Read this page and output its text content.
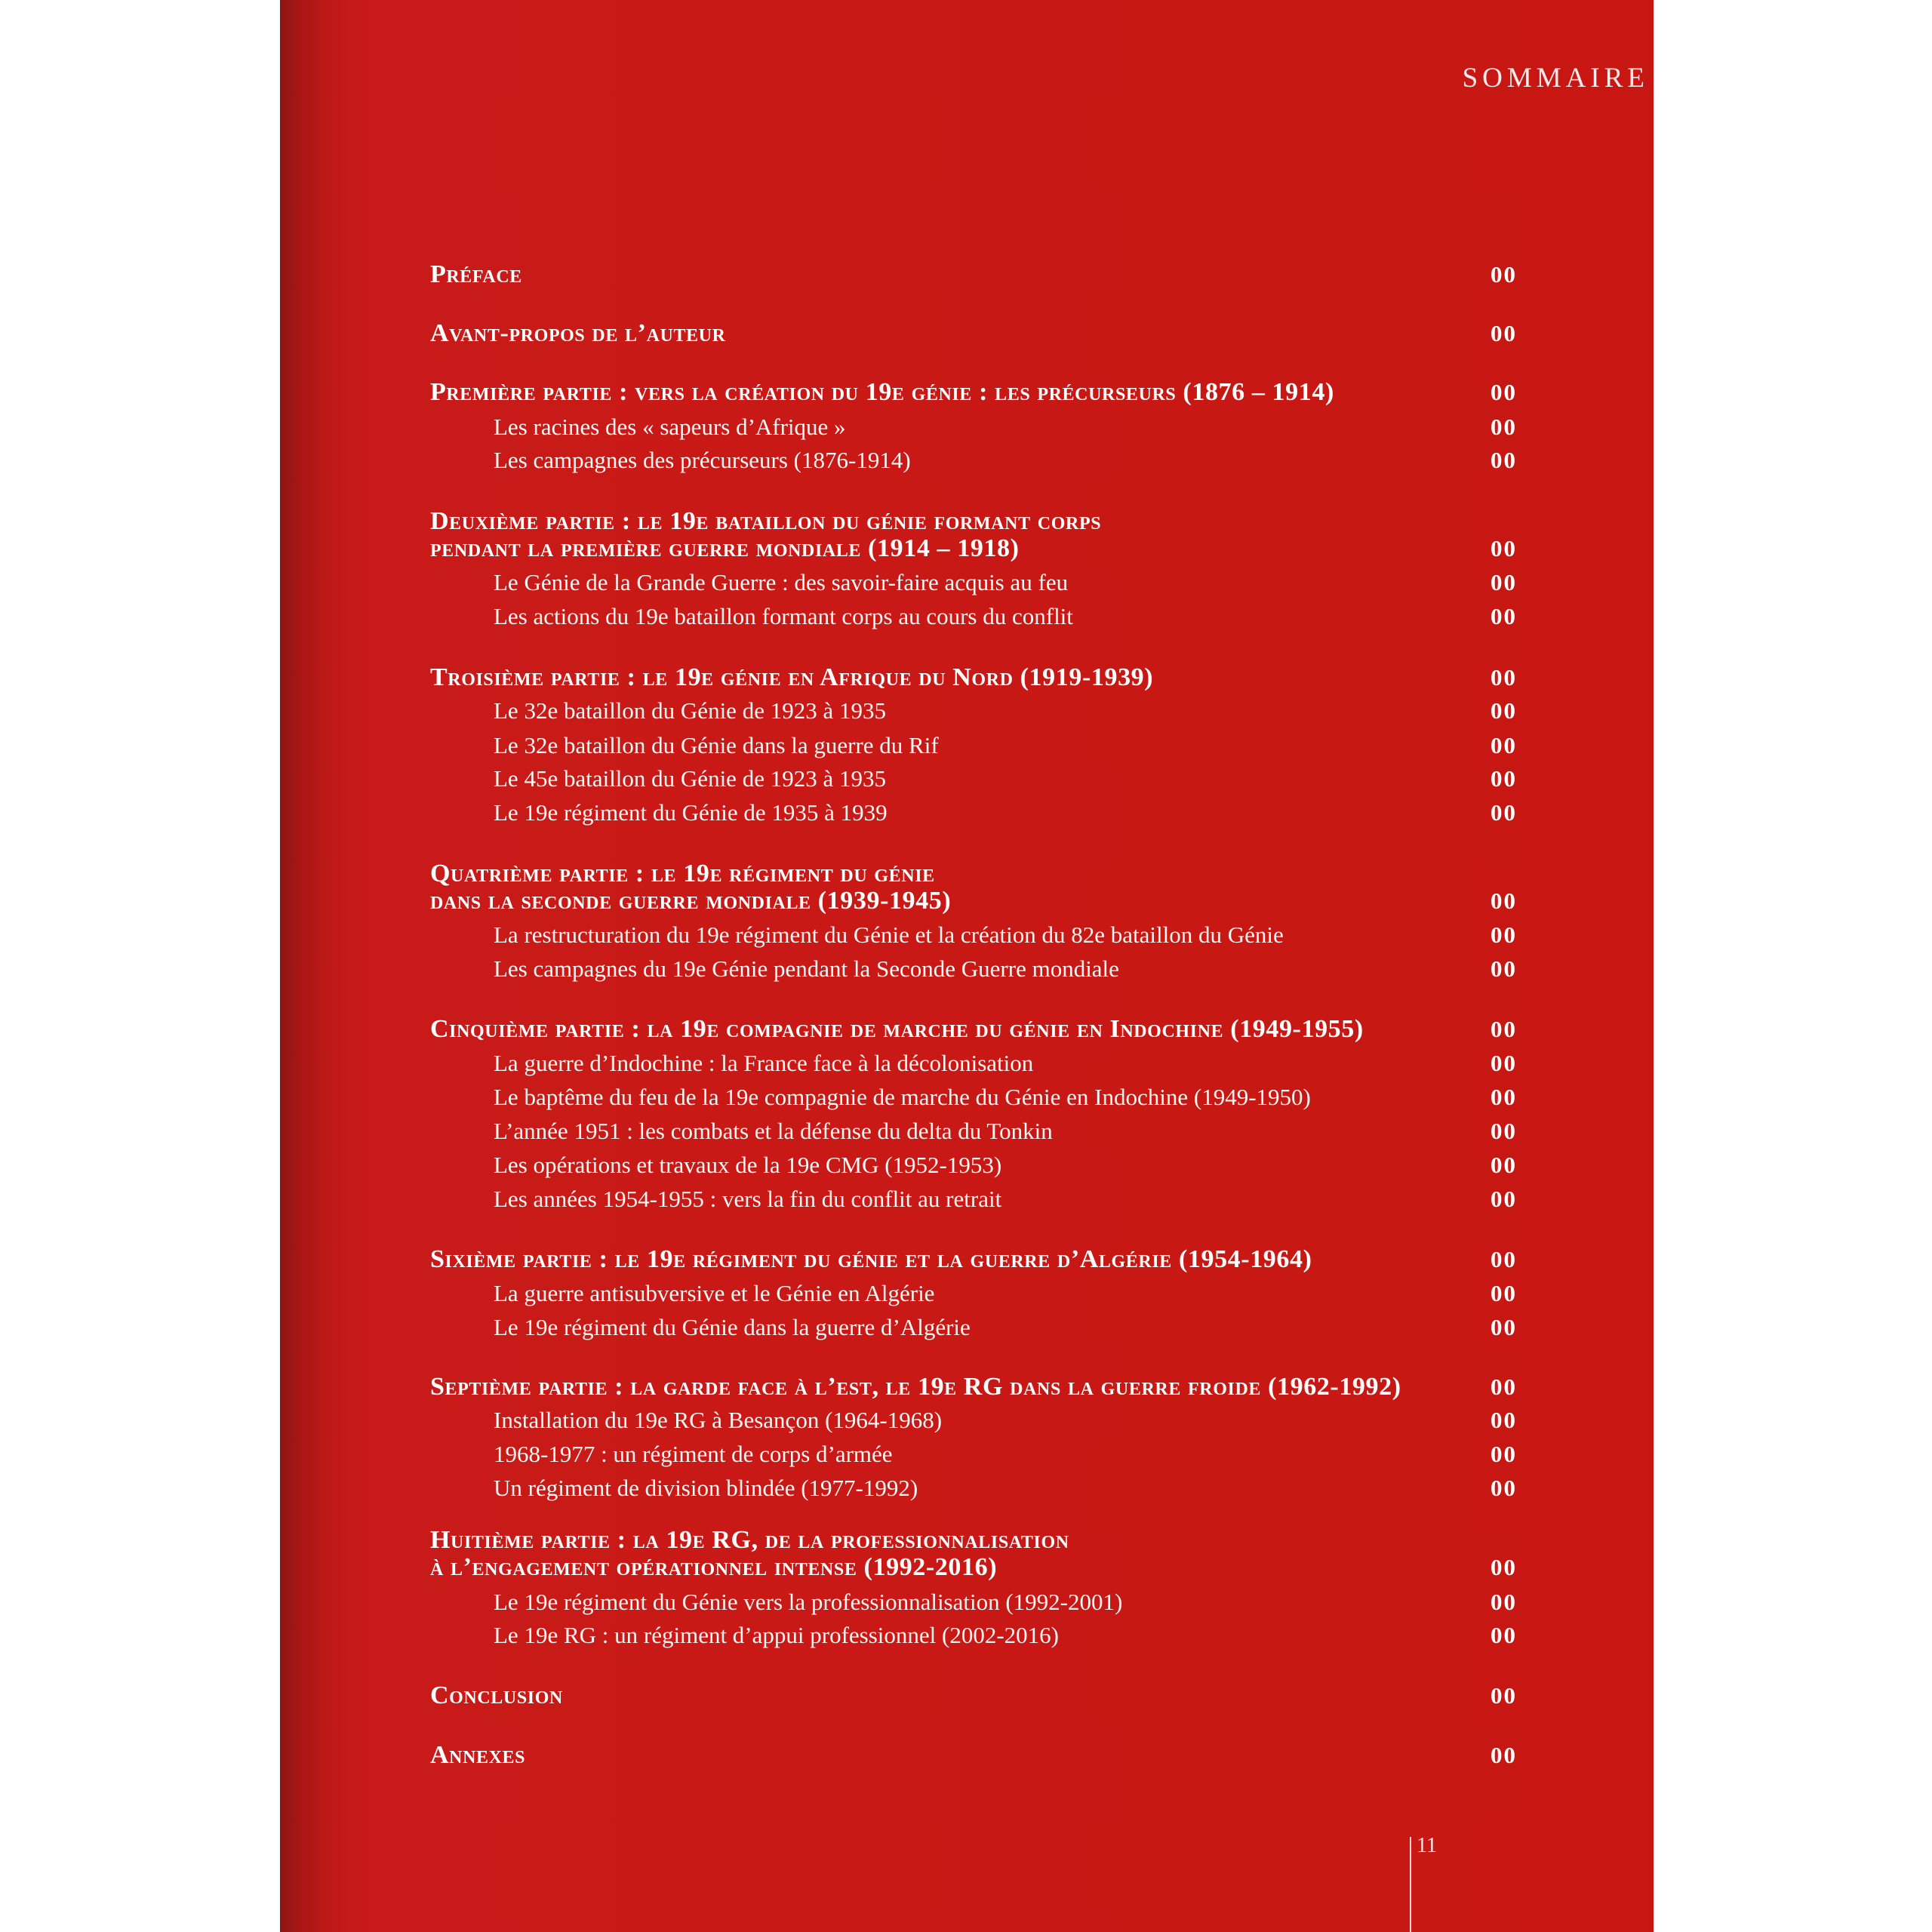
SOMMAIRE
Préface	00
Avant-propos de l’auteur	00
Première partie : vers la création du 19e génie : les précurseurs (1876 – 1914)	00
Les racines des « sapeurs d’Afrique »	00
Les campagnes des précurseurs (1876-1914)	00
Deuxième partie : le 19e bataillon du génie formant corps
pendant la première guerre mondiale (1914 – 1918)	00
Le Génie de la Grande Guerre : des savoir-faire acquis au feu	00
Les actions du 19e bataillon formant corps au cours du conflit	00
Troisième partie : le 19e génie en Afrique du Nord (1919-1939)	00
Le 32e bataillon du Génie de 1923 à 1935	00
Le 32e bataillon du Génie dans la guerre du Rif	00
Le 45e bataillon du Génie de 1923 à 1935	00
Le 19e régiment du Génie de 1935 à 1939	00
Quatrième partie : le 19e régiment du génie
dans la seconde guerre mondiale (1939-1945)	00
La restructuration du 19e régiment du Génie et la création du 82e bataillon du Génie	00
Les campagnes du 19e Génie pendant la Seconde Guerre mondiale	00
Cinquième partie : la 19e compagnie de marche du génie en Indochine (1949-1955)	00
La guerre d’Indochine : la France face à la décolonisation	00
Le baptême du feu de la 19e compagnie de marche du Génie en Indochine (1949-1950)	00
L’année 1951 : les combats et la défense du delta du Tonkin	00
Les opérations et travaux de la 19e CMG (1952-1953)	00
Les années 1954-1955 : vers la fin du conflit au retrait	00
Sixième partie : le 19e régiment du génie et la guerre d’Algérie (1954-1964)	00
La guerre antisubversive et le Génie en Algérie	00
Le 19e régiment du Génie dans la guerre d’Algérie	00
Septième partie : la garde face à l’est, le 19e RG dans la guerre froide (1962-1992)	00
Installation du 19e RG à Besançon (1964-1968)	00
1968-1977 : un régiment de corps d’armée	00
Un régiment de division blindée (1977-1992)	00
Huitième partie : la 19e RG, de la professionnalisation
à l’engagement opérationnel intense (1992-2016)	00
Le 19e régiment du Génie vers la professionnalisation (1992-2001)	00
Le 19e RG : un régiment d’appui professionnel (2002-2016)	00
Conclusion	00
Annexes	00
11
